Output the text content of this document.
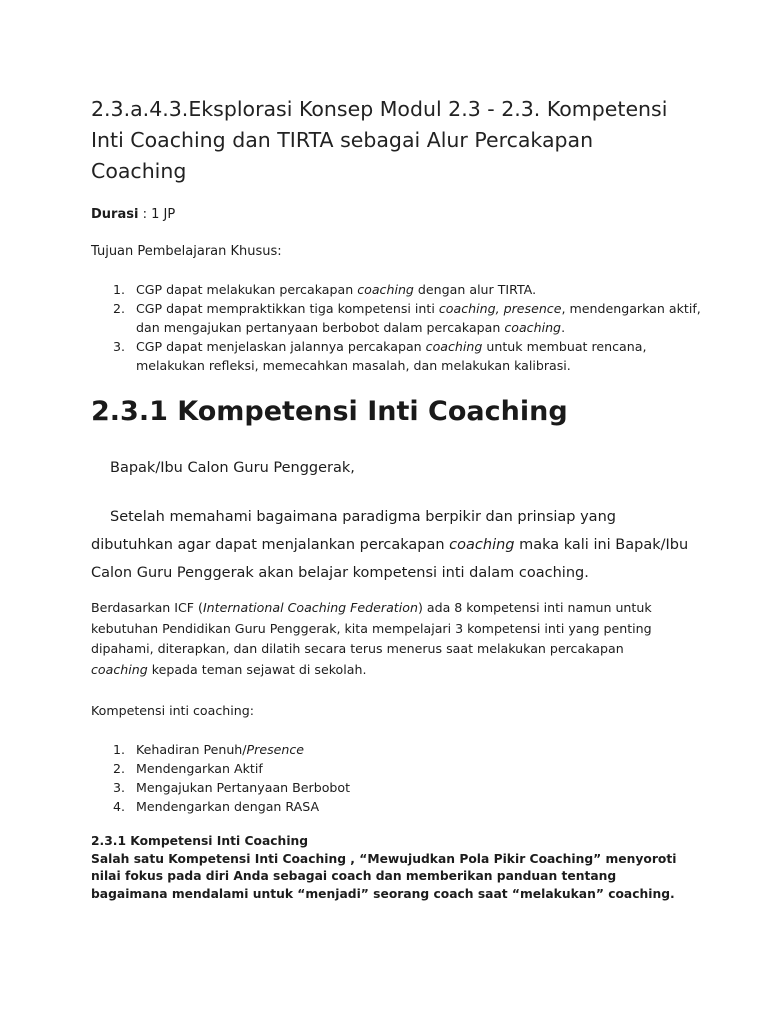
2.3.a.4.3.Eksplorasi Konsep Modul 2.3 - 2.3. Kompetensi Inti Coaching dan TIRTA sebagai Alur Percakapan Coaching

Durasi : 1 JP

Tujuan Pembelajaran Khusus:

1. CGP dapat melakukan percakapan coaching dengan alur TIRTA.
2. CGP dapat mempraktikkan tiga kompetensi inti coaching, presence, mendengarkan aktif, dan mengajukan pertanyaan berbobot dalam percakapan coaching.
3. CGP dapat menjelaskan jalannya percakapan coaching untuk membuat rencana, melakukan refleksi, memecahkan masalah, dan melakukan kalibrasi.
2.3.1 Kompetensi Inti Coaching

Bapak/Ibu Calon Guru Penggerak,

Setelah memahami bagaimana paradigma berpikir dan prinsiap yang dibutuhkan agar dapat menjalankan percakapan coaching maka kali ini Bapak/Ibu Calon Guru Penggerak akan belajar kompetensi inti dalam coaching.

Berdasarkan ICF (International Coaching Federation) ada 8 kompetensi inti namun untuk kebutuhan Pendidikan Guru Penggerak, kita mempelajari 3 kompetensi inti yang penting dipahami, diterapkan, dan dilatih secara terus menerus saat melakukan percakapan coaching kepada teman sejawat di sekolah.

Kompetensi inti coaching:

1. Kehadiran Penuh/Presence
2. Mendengarkan Aktif
3. Mengajukan Pertanyaan Berbobot
4. Mendengarkan dengan RASA
2.3.1 Kompetensi Inti Coaching
Salah satu Kompetensi Inti Coaching , “Mewujudkan Pola Pikir Coaching” menyoroti nilai fokus pada diri Anda sebagai coach dan memberikan panduan tentang bagaimana mendalami untuk “menjadi” seorang coach saat “melakukan” coaching.
